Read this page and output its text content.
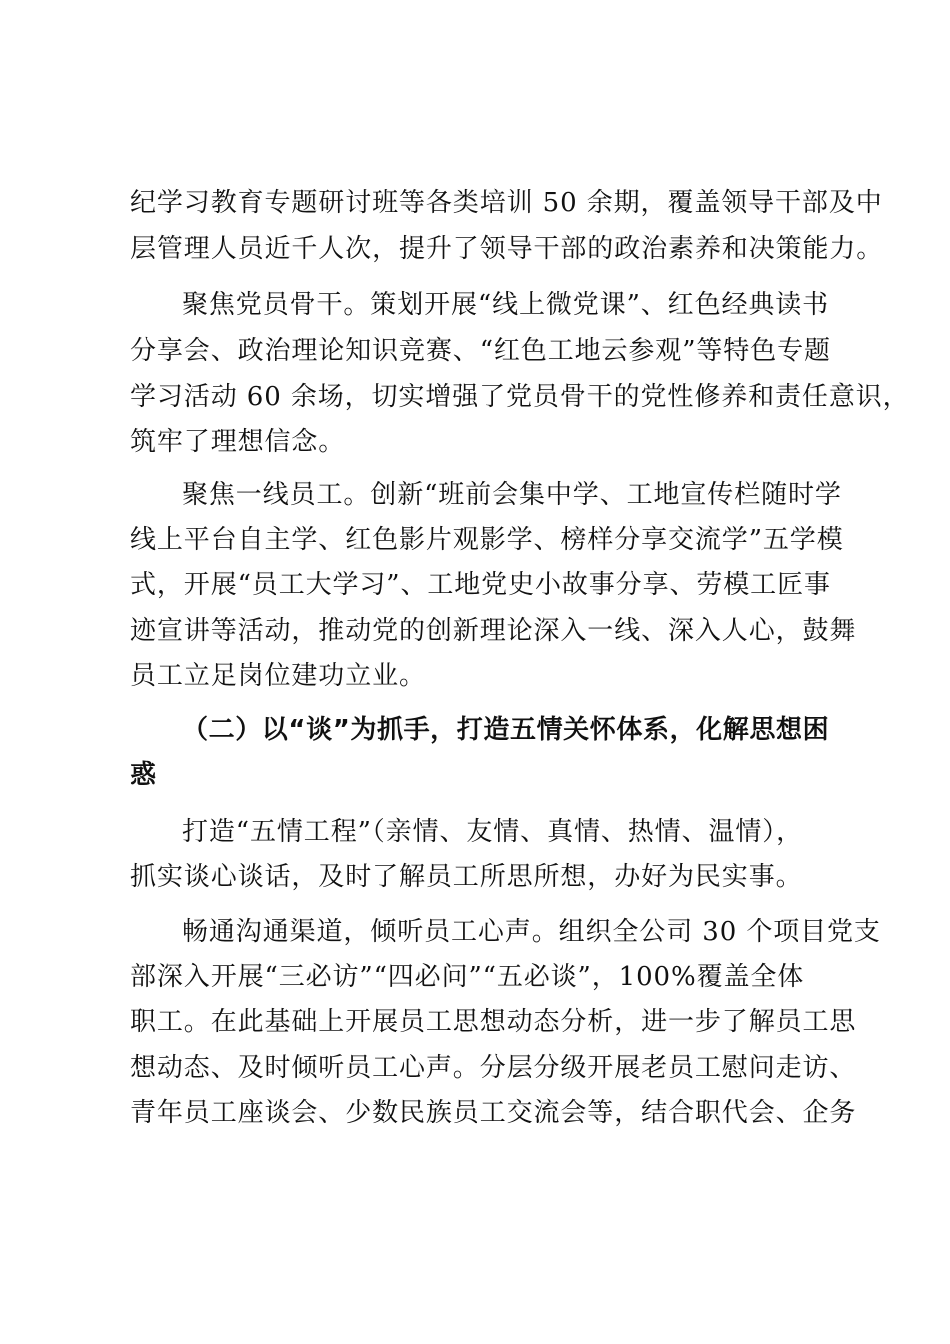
纪学习教育专题研讨班等各类培训 50 余期，覆盖领导干部及中
层管理人员近千人次，提升了领导干部的政治素养和决策能力。
聚焦党员骨干。策划开展“线上微党课”、红色经典读书
分享会、政治理论知识竞赛、“红色工地云参观”等特色专题
学习活动 60 余场，切实增强了党员骨干的党性修养和责任意识，
筑牢了理想信念。
聚焦一线员工。创新“班前会集中学、工地宣传栏随时学
线上平台自主学、红色影片观影学、榜样分享交流学”五学模
式，开展“员工大学习”、工地党史小故事分享、劳模工匠事
迹宣讲等活动，推动党的创新理论深入一线、深入人心，鼓舞
员工立足岗位建功立业。
（二）以“谈”为抓手，打造五情关怀体系，化解思想困
惑
打造“五情工程”（亲情、友情、真情、热情、温情），
抓实谈心谈话，及时了解员工所思所想，办好为民实事。
畅通沟通渠道，倾听员工心声。组织全公司 30 个项目党支
部深入开展“三必访”“四必问”“五必谈”，100%覆盖全体
职工。在此基础上开展员工思想动态分析，进一步了解员工思
想动态、及时倾听员工心声。分层分级开展老员工慰问走访、
青年员工座谈会、少数民族员工交流会等，结合职代会、企务
